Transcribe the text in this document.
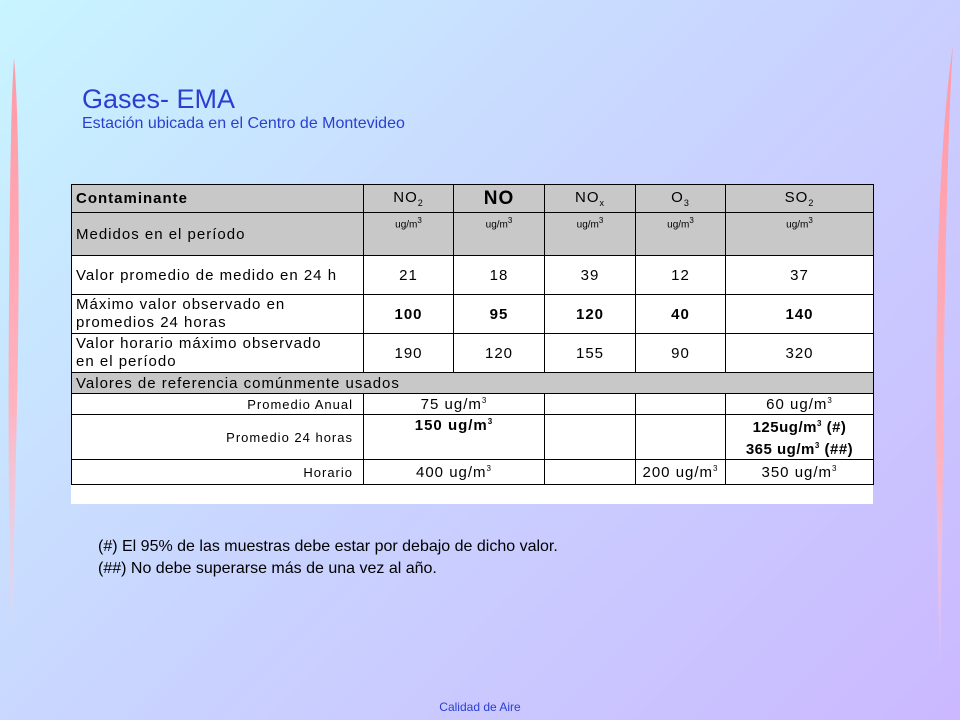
Gases- EMA
Estación ubicada en el Centro de Montevideo
Contaminante	$NO_2$	NO	$NO_x$	$O_3$	$SO_2$
Medidos en el período	$ug/m^3$	$ug/m^3$	$ug/m^3$	$ug/m^3$	$ug/m^3$
Valor promedio de medido en 24 h	21	18	39	12	37
Máximo valor observado en
promedios 24 horas	100	95	120	40	140
Valor horario máximo observado
en el período	190	120	155	90	320
Valores de referencia comúnmente usados					
Promedio Anual	75 $ug/m^3$				60 $ug/m^3$
Promedio 24 horas	150 $ug/m^3$				$125ug/m^3$ (#)
365 $ug/m^3$ (##)
Horario	400 $ug/m^3$			200 $ug/m^3$	350 $ug/m^3$

(#) El 95% de las muestras debe estar por debajo de dicho valor.

(##) No debe superarse más de una vez al año.

Calidad de Aire
